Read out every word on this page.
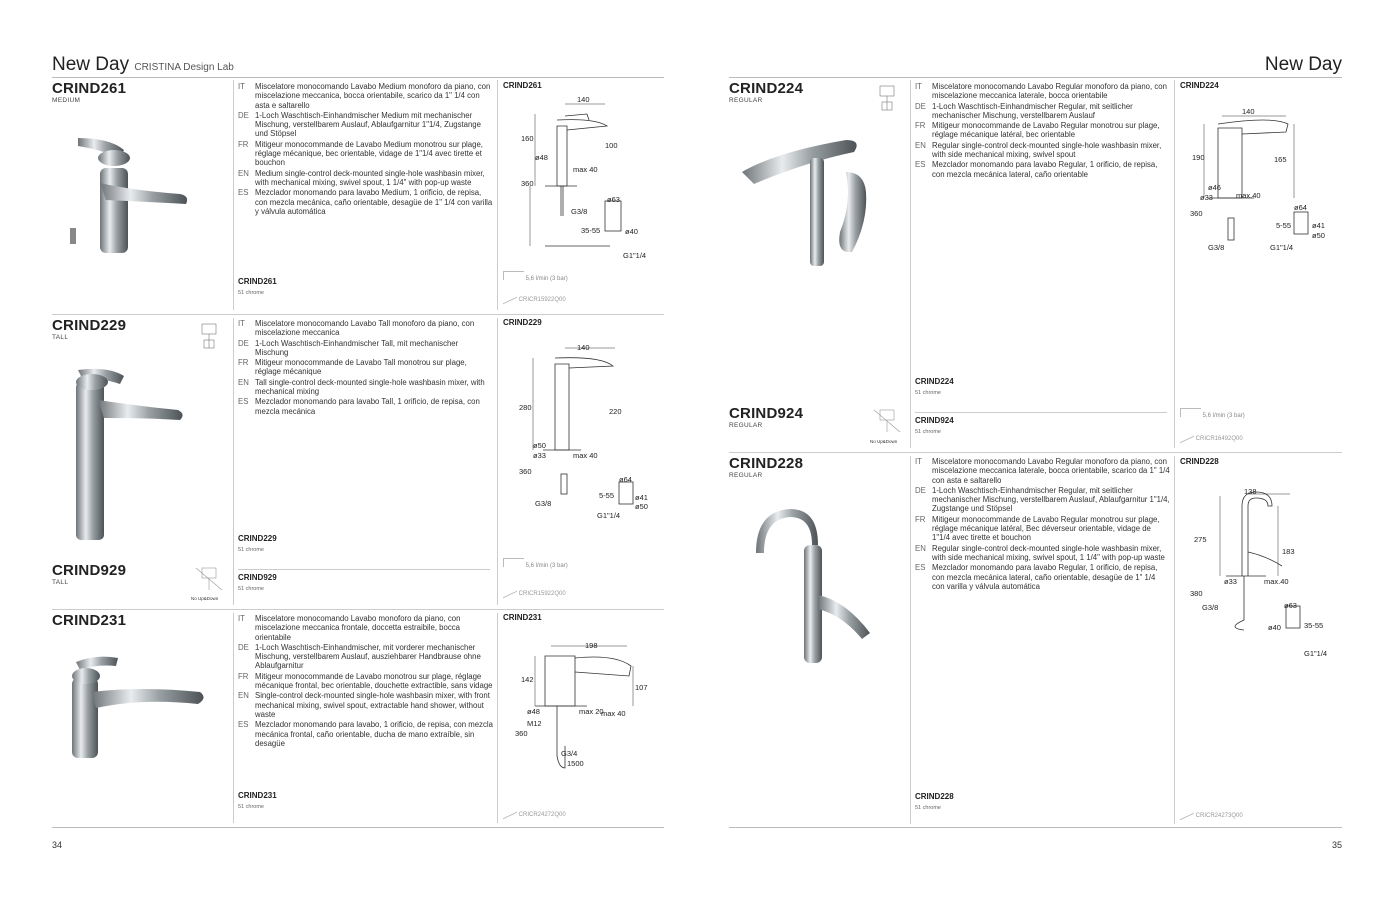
New Day CRISTINA Design Lab	New Day
CRIND261
MEDIUM
IT	Miscelatore monocomando Lavabo Medium monoforo da piano, con miscelazione meccanica, bocca orientabile, scarico da 1" 1/4 con asta e saltarello
DE 1-Loch Waschtisch-Einhandmischer Medium mit mechanischer Mischung, verstellbarem Auslauf, Ablaufgarnitur 1"1/4, Zugstange und Stöpsel
FR Mitigeur monocommande de Lavabo Medium monotrou sur plage, réglage mécanique, bec orientable, vidage de 1"1/4 avec tirette et bouchon
EN Medium single-control deck-mounted single-hole washbasin mixer, with mechanical mixing, swivel spout, 1 1/4" with pop-up waste
ES Mezclador monomando para lavabo Medium, 1 orificio, de repisa, con mezcla mecánica, caño orientable, desagüe de 1" 1/4 con varilla y válvula automática
CRIND261
51 chrome
CRIND261
140
160
100
ø48
max 40
360
G3/8
ø63
35-55	ø40
G1"1/4
5,6 l/min (3 bar)
CRICR15922Q00
CRIND229
TALL
IT	Miscelatore monocomando Lavabo Tall monoforo da piano, con miscelazione meccanica
DE 1-Loch Waschtisch-Einhandmischer Tall, mit mechanischer Mischung
FR Mitigeur monocommande de Lavabo Tall monotrou sur plage, réglage mécanique
EN Tall single-control deck-mounted single-hole washbasin mixer, with mechanical mixing
ES Mezclador monomando para lavabo Tall, 1 orificio, de repisa, con mezcla mecánica
CRIND229
51 chrome
CRIND929
51 chrome
CRIND929
TALL
No Up&Down
CRIND229
140
280	220
ø50
ø33	max 40
360
G3/8
ø64
5-55	ø41
ø50
G1"1/4
5,6 l/min (3 bar)
CRICR15922Q00
CRIND231	IT	Miscelatore monocomando Lavabo monoforo da piano, con miscelazione meccanica frontale, doccetta estraibile, bocca orientabile
DE 1-Loch Waschtisch-Einhandmischer, mit vorderer mechanischer Mischung, verstellbarem Auslauf, ausziehbarer Handbrause ohne Ablaufgarnitur
FR Mitigeur monocommande de Lavabo monotrou sur plage, réglage mécanique frontal, bec orientable, douchette extractible, sans vidage
EN Single-control deck-mounted single-hole washbasin mixer, with front mechanical mixing, swivel spout, extractable hand shower, without waste
ES Mezclador monomando para lavabo, 1 orificio, de repisa, con mezcla mecánica frontal, caño orientable, ducha de mano extraíble, sin desagüe
CRIND231
51 chrome
CRIND231
198
142
107
ø48	max 20
max 40
M12
360
G3/4
1500
CRICR24272Q00
34
CRIND224
REGULAR
IT	Miscelatore monocomando Lavabo Regular monoforo da piano, con miscelazione meccanica laterale, bocca orientabile
DE 1-Loch Waschtisch-Einhandmischer Regular, mit seitlicher mechanischer Mischung, verstellbarem Auslauf
FR Mitigeur monocommande de Lavabo Regular monotrou sur plage, réglage mécanique latéral, bec orientable
EN Regular single-control deck-mounted single-hole washbasin mixer, with side mechanical mixing, swivel spout
ES Mezclador monomando para lavabo Regular, 1 orificio, de repisa, con mezcla mecánica lateral, caño orientable
CRIND224
51 chrome
CRIND924
51 chrome
CRIND924
REGULAR
No Up&Down
CRIND224
140
190	165
ø46
ø33	max.40
360
G3/8
ø64
5-55	ø41
ø50
G1"1/4
5,6 l/min (3 bar)
CRICR16492Q00
CRIND228
REGULAR
IT	Miscelatore monocomando Lavabo Regular monoforo da piano, con miscelazione meccanica laterale, bocca orientabile, scarico da 1" 1/4 con asta e saltarello
DE 1-Loch Waschtisch-Einhandmischer Regular, mit seitlicher mechanischer Mischung, verstellbarem Auslauf, Ablaufgarnitur 1"1/4, Zugstange und Stöpsel
FR Mitigeur monocommande de Lavabo Regular monotrou sur plage, réglage mécanique latéral, Bec déverseur orientable, vidage de 1"1/4 avec tirette et bouchon
EN Regular single-control deck-mounted single-hole washbasin mixer, with side mechanical mixing, swivel spout, 1 1/4" with pop-up waste
ES Mezclador monomando para lavabo Regular, 1 orificio, de repisa, con mezcla mecánica lateral, caño orientable, desagüe de 1" 1/4 con varilla y válvula automática
CRIND228
51 chrome
CRIND228
138
275
183
ø33	max.40
380
G3/8	ø63
35-55
ø40
G1"1/4
CRICR24273Q00
35
